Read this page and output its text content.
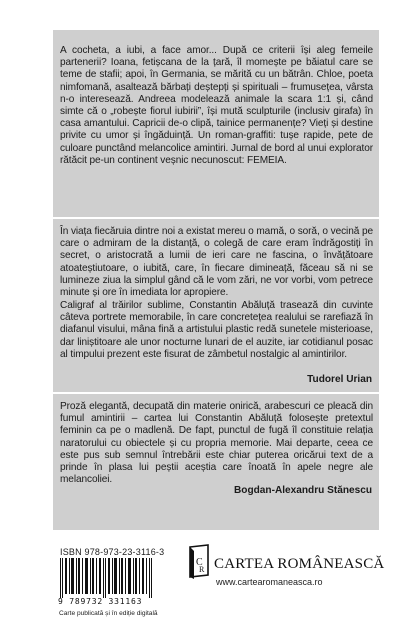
A cocheta, a iubi, a face amor... După ce criterii își aleg femeile partenerii? Ioana, fetișcana de la țară, îl momește pe băiatul care se teme de stafii; apoi, în Germania, se mărită cu un bătrân. Chloe, poeta nimfomană, asaltează bărbați deștepți și spirituali – frumusețea, vârsta n-o interesează. Andreea modelează animale la scara 1:1 și, când simte că o „robește fiorul iubirii”, își mută sculpturile (inclusiv girafa) în casa amantului. Capricii de-o clipă, tainice permanențe? Vieți și destine privite cu umor și îngăduință. Un roman-graffiti: tușe rapide, pete de culoare punctând melancolice amintiri. Jurnal de bord al unui explorator rătăcit pe-un continent veșnic necunoscut: FEMEIA.

În viața fiecăruia dintre noi a existat mereu o mamă, o soră, o vecină pe care o admiram de la distanță, o colegă de care eram îndrăgostiți în secret, o aristocrată a lumii de ieri care ne fascina, o învățătoare atoateștiutoare, o iubită, care, în fiecare dimineață, făceau să ni se lumineze ziua la simplul gând că le vom zări, ne vor vorbi, vom petrece minute și ore în imediata lor apropiere.

Caligraf al trăirilor sublime, Constantin Abăluță trasează din cuvinte câteva portrete memorabile, în care concretețea realului se rarefiază în diafanul visului, mâna fină a artistului plastic redă sunetele misterioase, dar liniștitoare ale unor nocturne lunari de el auzite, iar cotidianul posac al timpului prezent este fisurat de zâmbetul nostalgic al amintirilor.

Tudorel Urian

Proză elegantă, decupată din materie onirică, arabescuri ce pleacă din fumul amintirii – cartea lui Constantin Abăluță folosește pretextul feminin ca pe o madlenă. De fapt, punctul de fugă îl constituie relația naratorului cu obiectele și cu propria memorie. Mai departe, ceea ce este pus sub semnul întrebării este chiar puterea oricărui text de a prinde în plasa lui peștii aceștia care înoată în apele negre ale melancoliei.

Bogdan-Alexandru Stănescu
ISBN 978-973-23-3116-3
9 789732 331163
Carte publicată și în ediție digitală
C
R CARTEA ROMÂNEASCĂ
www.cartearomaneasca.ro
